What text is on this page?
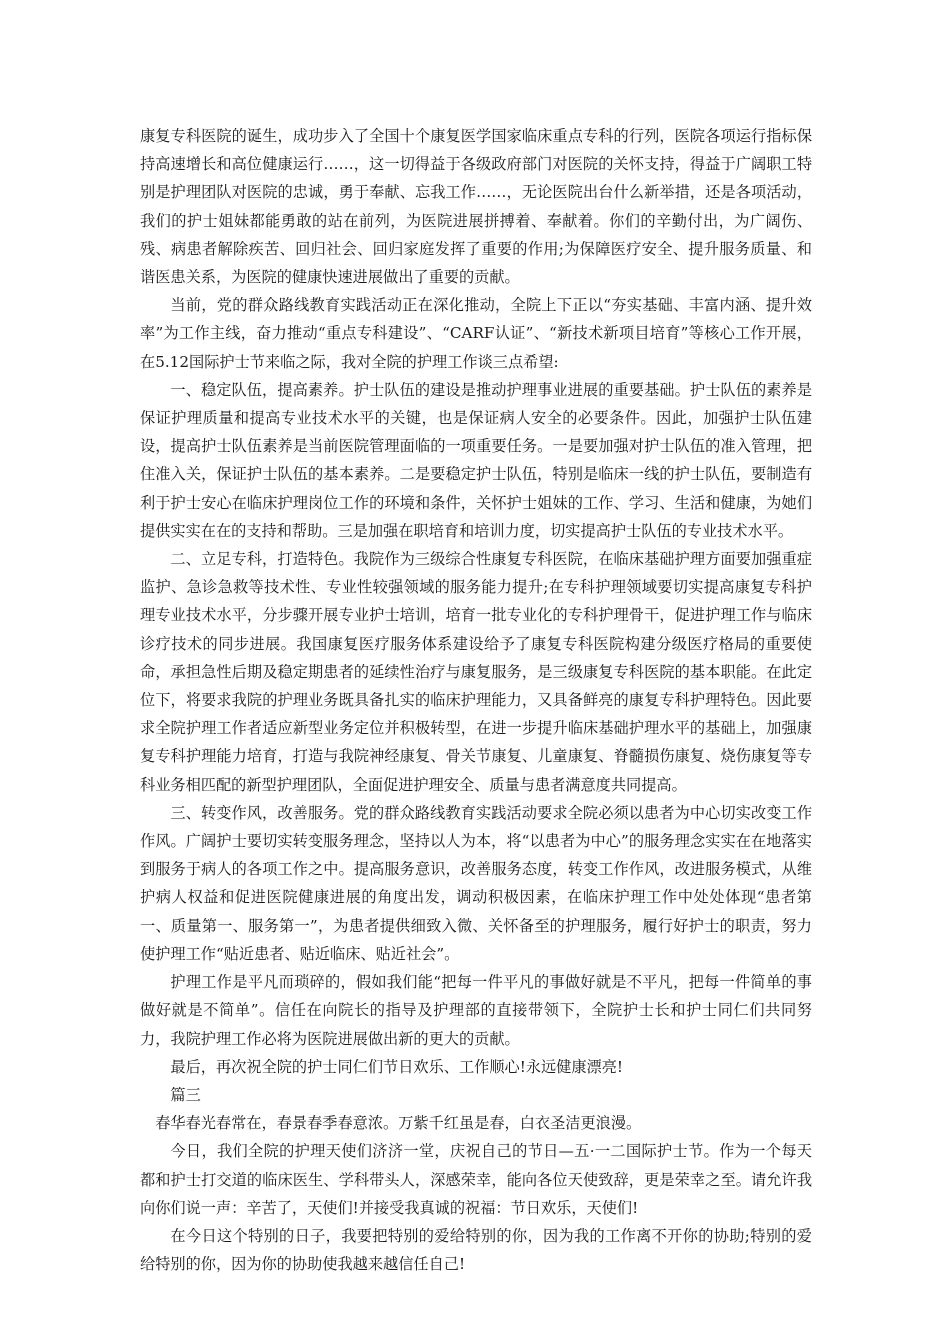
康复专科医院的诞生，成功步入了全国十个康复医学国家临床重点专科的行列，医院各项运行指标保持高速增长和高位健康运行……，这一切得益于各级政府部门对医院的关怀支持，得益于广阔职工特别是护理团队对医院的忠诚，勇于奉献、忘我工作……，无论医院出台什么新举措，还是各项活动，我们的护士姐妹都能勇敢的站在前列，为医院进展拼搏着、奉献着。你们的辛勤付出，为广阔伤、残、病患者解除疾苦、回归社会、回归家庭发挥了重要的作用;为保障医疗安全、提升服务质量、和谐医患关系，为医院的健康快速进展做出了重要的贡献。

当前，党的群众路线教育实践活动正在深化推动，全院上下正以“夯实基础、丰富内涵、提升效率”为工作主线，奋力推动“重点专科建设”、“CARF认证”、“新技术新项目培育”等核心工作开展，在5.12国际护士节来临之际，我对全院的护理工作谈三点希望:

一、稳定队伍，提高素养。护士队伍的建设是推动护理事业进展的重要基础。护士队伍的素养是保证护理质量和提高专业技术水平的关键，也是保证病人安全的必要条件。因此，加强护士队伍建设，提高护士队伍素养是当前医院管理面临的一项重要任务。一是要加强对护士队伍的准入管理，把住准入关，保证护士队伍的基本素养。二是要稳定护士队伍，特别是临床一线的护士队伍，要制造有利于护士安心在临床护理岗位工作的环境和条件，关怀护士姐妹的工作、学习、生活和健康，为她们提供实实在在的支持和帮助。三是加强在职培育和培训力度，切实提高护士队伍的专业技术水平。

二、立足专科，打造特色。我院作为三级综合性康复专科医院，在临床基础护理方面要加强重症监护、急诊急救等技术性、专业性较强领域的服务能力提升;在专科护理领域要切实提高康复专科护理专业技术水平，分步骤开展专业护士培训，培育一批专业化的专科护理骨干，促进护理工作与临床诊疗技术的同步进展。我国康复医疗服务体系建设给予了康复专科医院构建分级医疗格局的重要使命，承担急性后期及稳定期患者的延续性治疗与康复服务，是三级康复专科医院的基本职能。在此定位下，将要求我院的护理业务既具备扎实的临床护理能力，又具备鲜亮的康复专科护理特色。因此要求全院护理工作者适应新型业务定位并积极转型，在进一步提升临床基础护理水平的基础上，加强康复专科护理能力培育，打造与我院神经康复、骨关节康复、儿童康复、脊髓损伤康复、烧伤康复等专科业务相匹配的新型护理团队，全面促进护理安全、质量与患者满意度共同提高。

三、转变作风，改善服务。党的群众路线教育实践活动要求全院必须以患者为中心切实改变工作作风。广阔护士要切实转变服务理念，坚持以人为本，将“以患者为中心”的服务理念实实在在地落实到服务于病人的各项工作之中。提高服务意识，改善服务态度，转变工作作风，改进服务模式，从维护病人权益和促进医院健康进展的角度出发，调动积极因素，在临床护理工作中处处体现“患者第一、质量第一、服务第一”，为患者提供细致入微、关怀备至的护理服务，履行好护士的职责，努力使护理工作“贴近患者、贴近临床、贴近社会”。

护理工作是平凡而琐碎的，假如我们能“把每一件平凡的事做好就是不平凡，把每一件简单的事做好就是不简单”。信任在向院长的指导及护理部的直接带领下，全院护士长和护士同仁们共同努力，我院护理工作必将为医院进展做出新的更大的贡献。

最后，再次祝全院的护士同仁们节日欢乐、工作顺心!永远健康漂亮!

篇三

春华春光春常在，春景春季春意浓。万紫千红虽是春，白衣圣洁更浪漫。

今日，我们全院的护理天使们济济一堂，庆祝自己的节日—五·一二国际护士节。作为一个每天都和护士打交道的临床医生、学科带头人，深感荣幸，能向各位天使致辞，更是荣幸之至。请允许我向你们说一声：辛苦了，天使们!并接受我真诚的祝福：节日欢乐，天使们!

在今日这个特别的日子，我要把特别的爱给特别的你，因为我的工作离不开你的协助;特别的爱给特别的你，因为你的协助使我越来越信任自己!
